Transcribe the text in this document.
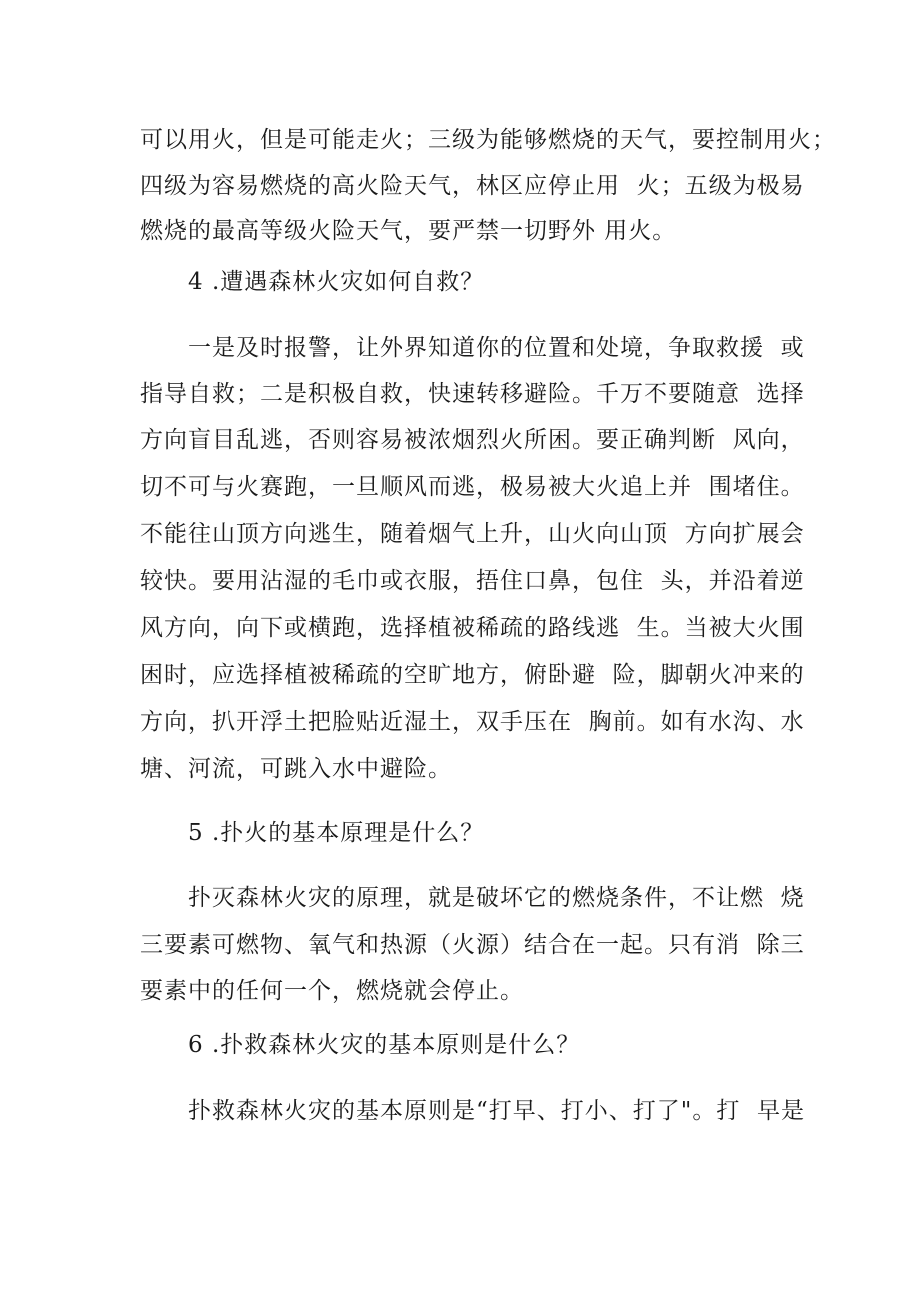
可以用火，但是可能走火；三级为能够燃烧的天气，要控制用火；
四级为容易燃烧的高火险天气，林区应停止用  火；五级为极易
燃烧的最高等级火险天气，要严禁一切野外 用火。
4 .遭遇森林火灾如何自救？
一是及时报警，让外界知道你的位置和处境，争取救援  或
指导自救；二是积极自救，快速转移避险。千万不要随意  选择
方向盲目乱逃，否则容易被浓烟烈火所困。要正确判断  风向，
切不可与火赛跑，一旦顺风而逃，极易被大火追上并  围堵住。
不能往山顶方向逃生，随着烟气上升，山火向山顶  方向扩展会
较快。要用沾湿的毛巾或衣服，捂住口鼻，包住  头，并沿着逆
风方向，向下或横跑，选择植被稀疏的路线逃  生。当被大火围
困时，应选择植被稀疏的空旷地方，俯卧避  险，脚朝火冲来的
方向，扒开浮土把脸贴近湿土，双手压在  胸前。如有水沟、水
塘、河流，可跳入水中避险。
5 .扑火的基本原理是什么？
扑灭森林火灾的原理，就是破坏它的燃烧条件，不让燃  烧
三要素可燃物、氧气和热源（火源）结合在一起。只有消  除三
要素中的任何一个，燃烧就会停止。
6 .扑救森林火灾的基本原则是什么？
扑救森林火灾的基本原则是“打早、打小、打了"。打  早是
